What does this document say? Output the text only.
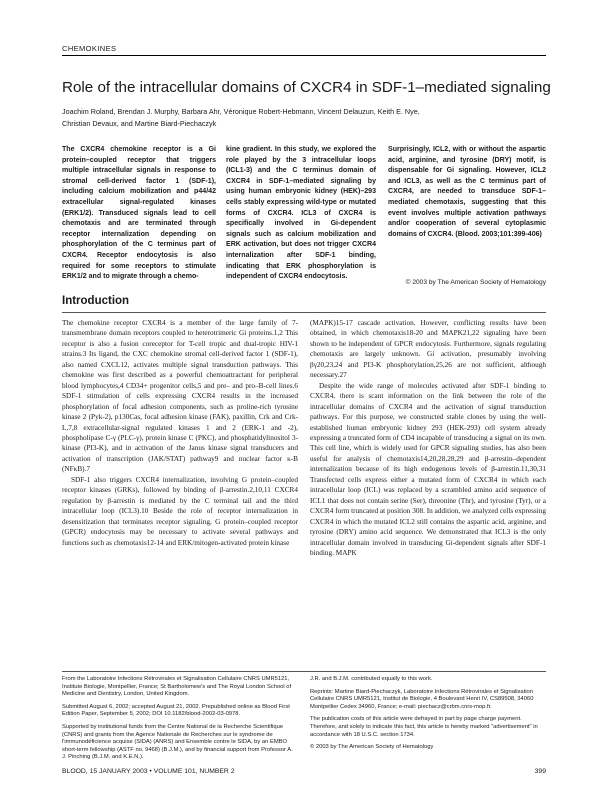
CHEMOKINES
Role of the intracellular domains of CXCR4 in SDF-1–mediated signaling
Joachim Roland, Brendan J. Murphy, Barbara Ahr, Véronique Robert-Hebmann, Vincent Delauzun, Keith E. Nye,
Christian Devaux, and Martine Biard-Piechaczyk
The CXCR4 chemokine receptor is a Gi protein–coupled receptor that triggers multiple intracellular signals in response to stromal cell-derived factor 1 (SDF-1), including calcium mobilization and p44/42 extracellular signal-regulated kinases (ERK1/2). Transduced signals lead to cell chemotaxis and are terminated through receptor internalization depending on phosphorylation of the C terminus part of CXCR4. Receptor endocytosis is also required for some receptors to stimulate ERK1/2 and to migrate through a chemo-
kine gradient. In this study, we explored the role played by the 3 intracellular loops (ICL1-3) and the C terminus domain of CXCR4 in SDF-1–mediated signaling by using human embryonic kidney (HEK)–293 cells stably expressing wild-type or mutated forms of CXCR4. ICL3 of CXCR4 is specifically involved in Gi-dependent signals such as calcium mobilization and ERK activation, but does not trigger CXCR4 internalization after SDF-1 binding, indicating that ERK phosphorylation is independent of CXCR4 endocytosis.
Surprisingly, ICL2, with or without the aspartic acid, arginine, and tyrosine (DRY) motif, is dispensable for Gi signaling. However, ICL2 and ICL3, as well as the C terminus part of CXCR4, are needed to transduce SDF-1–mediated chemotaxis, suggesting that this event involves multiple activation pathways and/or cooperation of several cytoplasmic domains of CXCR4. (Blood. 2003;101:399-406)
© 2003 by The American Society of Hematology
Introduction

The chemokine receptor CXCR4 is a member of the large family of 7-transmembrane domain receptors coupled to heterotrimeric Gi proteins.1,2 This receptor is also a fusion coreceptor for T-cell tropic and dual-tropic HIV-1 strains.3 Its ligand, the CXC chemokine stromal cell-derived factor 1 (SDF-1), also named CXCL12, activates multiple signal transduction pathways. This chemokine was first described as a powerful chemoattractant for peripheral blood lymphocytes,4 CD34+ progenitor cells,5 and pre– and pro–B-cell lines.6 SDF-1 stimulation of cells expressing CXCR4 results in the increased phosphorylation of focal adhesion components, such as proline-rich tyrosine kinase 2 (Pyk-2), p130Cas, focal adhesion kinase (FAK), paxillin, Crk and Crk-L,7,8 extracellular-signal regulated kinases 1 and 2 (ERK-1 and -2), phospholipase C-γ (PLC-γ), protein kinase C (PKC), and phosphatidylinositol 3-kinase (PI3-K), and in activation of the Janus kinase signal transducers and activation of transcription (JAK/STAT) pathway9 and nuclear factor κ-B (NFκB).7

SDF-1 also triggers CXCR4 internalization, involving G protein–coupled receptor kinases (GRKs), followed by binding of β-arrestin.2,10,11 CXCR4 regulation by β-arrestin is mediated by the C terminal tail and the third intracellular loop (ICL3).10 Beside the role of receptor internalization in desensitization that terminates receptor signaling, G protein–coupled receptor (GPCR) endocytosis may be necessary to activate several pathways and functions such as chemotaxis12-14 and ERK/mitogen-activated protein kinase

(MAPK)15-17 cascade activation. However, conflicting results have been obtained, in which chemotaxis18-20 and MAPK21,22 signaling have been shown to be independent of GPCR endocytosis. Furthermore, signals regulating chemotaxis are largely unknown. Gi activation, presumably involving βγ20,23,24 and PI3-K phosphorylation,25,26 are not sufficient, although necessary.27

Despite the wide range of molecules activated after SDF-1 binding to CXCR4, there is scant information on the link between the role of the intracellular domains of CXCR4 and the activation of signal transduction pathways. For this purpose, we constructed stable clones by using the well-established human embryonic kidney 293 (HEK-293) cell system already expressing a truncated form of CD4 incapable of transducing a signal on its own. This cell line, which is widely used for GPCR signaling studies, has also been useful for analysis of chemotaxis14,20,28,28,29 and β-arrestin–dependent internalization because of its high endogenous levels of β-arrestin.11,30,31 Transfected cells express either a mutated form of CXCR4 in which each intracellular loop (ICL) was replaced by a scrambled amino acid sequence of ICL1 that does not contain serine (Ser), threonine (Thr), and tyrosine (Tyr), or a CXCR4 form truncated at position 308. In addition, we analyzed cells expressing CXCR4 in which the mutated ICL2 still contains the aspartic acid, arginine, and tyrosine (DRY) amino acid sequence. We demonstrated that ICL3 is the only intracellular domain involved in transducing Gi-dependent signals after SDF-1 binding. MAPK

From the Laboratoire Infections Rétrovirales et Signalisation Cellulaire CNRS UMR5121, Institute Biologie, Montpellier, France; St Bartholomew's and The Royal London School of Medicine and Dentistry, London, United Kingdom.

Submitted August 6, 2002; accepted August 21, 2002. Prepublished online as Blood First Edition Paper, September 5, 2002; DOI 10.1182/blood-2002-03-0978.

Supported by institutional funds from the Centre National de la Recherche Scientifique (CNRS) and grants from the Agence Nationale de Recherches sur le syndrome de l'immunodéficience acquise (SIDA) (ANRS) and Ensemble contre le SIDA, by an EMBO short-term fellowship (ASTF no. 9468) (B.J.M.), and by financial support from Professor A. J. Pinching (B.J.M. and K.E.N.).

J.R. and B.J.M. contributed equally to this work.

Reprints: Martine Biard-Piechaczyk, Laboratoire Infections Rétrovirales et Signalisation Cellulaire CNRS UMR5121, Institut de Biologie, 4 Boulevard Henri IV, CS89508, 34060 Montpellier Cedex 34960, France; e-mail: piechacz@crbm.cnrs-mop.fr.

The publication costs of this article were defrayed in part by page charge payment. Therefore, and solely to indicate this fact, this article is hereby marked "advertisement" in accordance with 18 U.S.C. section 1734.

© 2003 by The American Society of Hematology

BLOOD, 15 JANUARY 2003 • VOLUME 101, NUMBER 2	399
